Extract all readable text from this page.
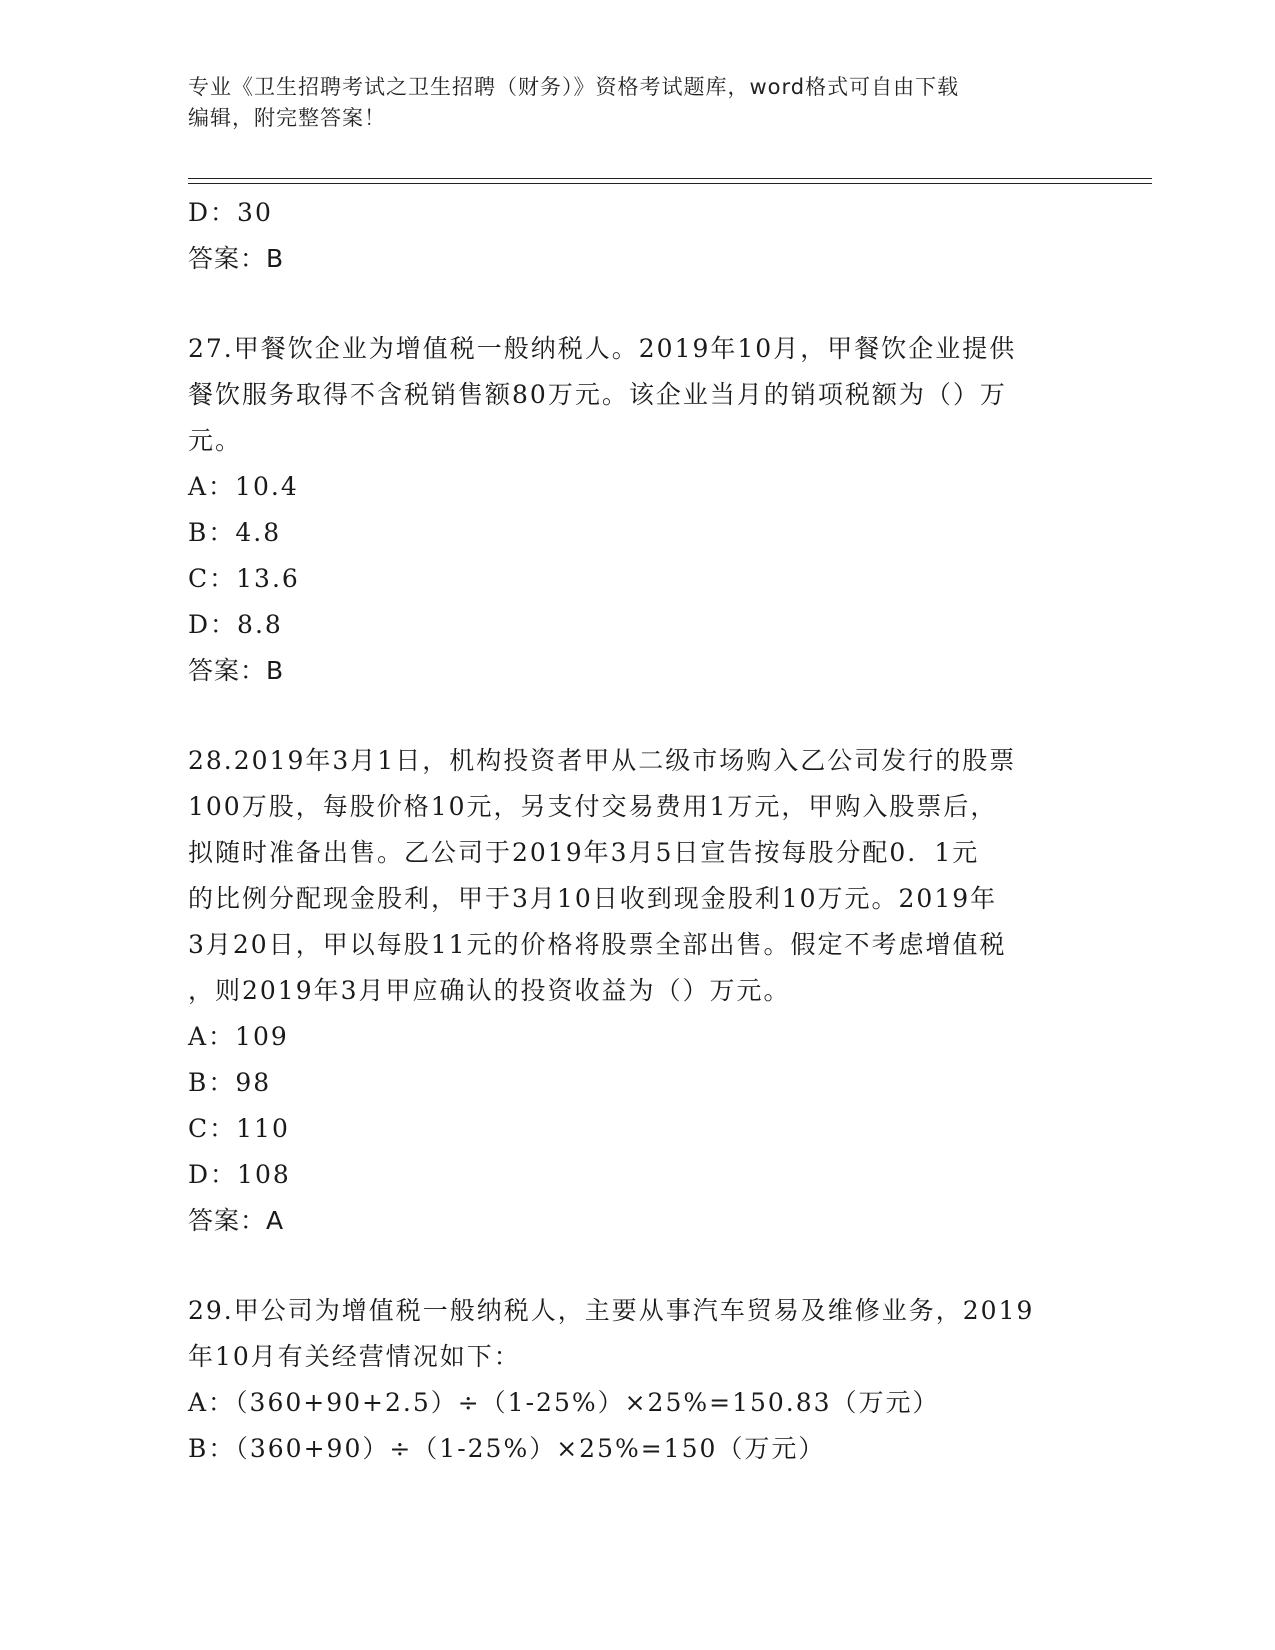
专业《卫生招聘考试之卫生招聘（财务）》资格考试题库，word格式可自由下载
编辑，附完整答案！
D：30
答案：B
27.甲餐饮企业为增值税一般纳税人。2019年10月，甲餐饮企业提供
餐饮服务取得不含税销售额80万元。该企业当月的销项税额为（）万
元。
A：10.4
B：4.8
C：13.6
D：8.8
答案：B
28.2019年3月1日，机构投资者甲从二级市场购入乙公司发行的股票
100万股，每股价格10元，另支付交易费用1万元，甲购入股票后，
拟随时准备出售。乙公司于2019年3月5日宣告按每股分配0．1元
的比例分配现金股利，甲于3月10日收到现金股利10万元。2019年
3月20日，甲以每股11元的价格将股票全部出售。假定不考虑增值税
，则2019年3月甲应确认的投资收益为（）万元。
A：109
B：98
C：110
D：108
答案：A
29.甲公司为增值税一般纳税人，主要从事汽车贸易及维修业务，2019
年10月有关经营情况如下：
A：（360+90+2.5）÷（1-25%）×25%=150.83（万元）
B：（360+90）÷（1-25%）×25%=150（万元）
